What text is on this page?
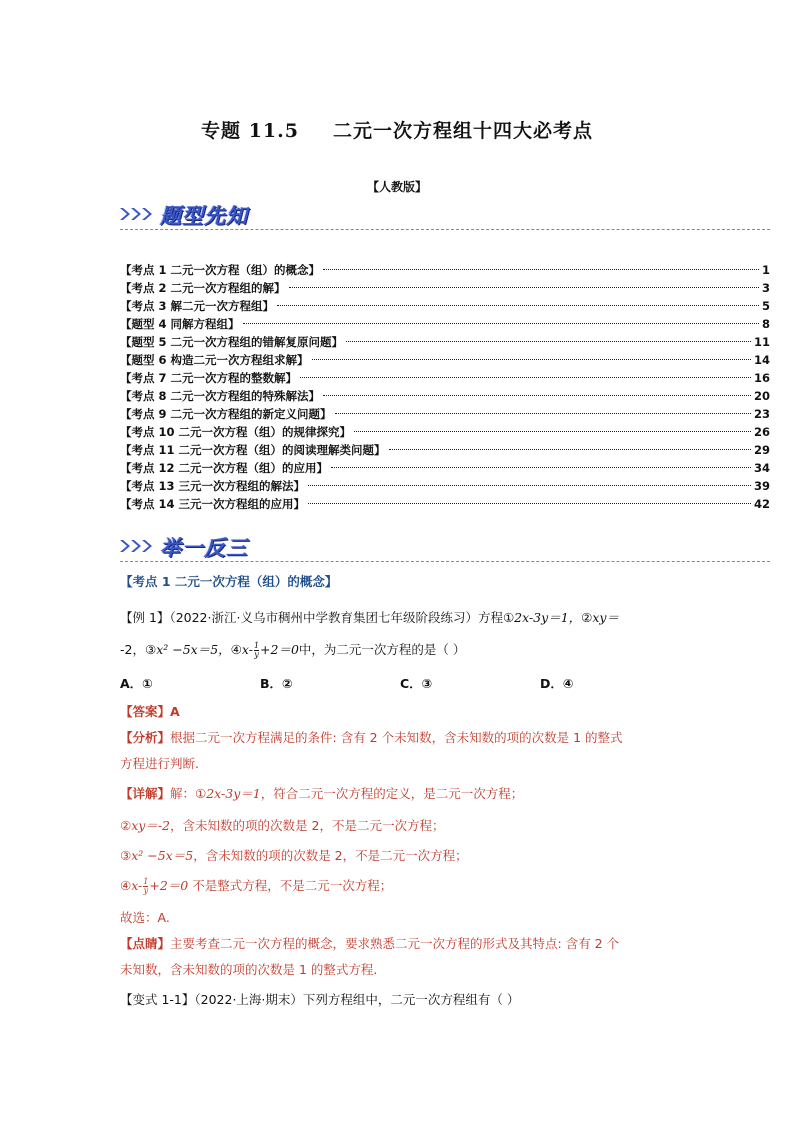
专题 11.5 二元一次方程组十四大必考点
【人教版】
题型先知
【考点 1 二元一次方程（组）的概念】	1
【考点 2 二元一次方程组的解】	3
【考点 3 解二元一次方程组】	5
【题型 4 同解方程组】	8
【题型 5 二元一次方程组的错解复原问题】	11
【题型 6 构造二元一次方程组求解】	14
【考点 7 二元一次方程的整数解】	16
【考点 8 二元一次方程组的特殊解法】	20
【考点 9 二元一次方程组的新定义问题】	23
【考点 10 二元一次方程（组）的规律探究】	26
【考点 11 二元一次方程（组）的阅读理解类问题】	29
【考点 12 二元一次方程（组）的应用】	34
【考点 13 三元一次方程组的解法】	39
【考点 14 三元一次方程组的应用】	42
举一反三
【考点 1 二元一次方程（组）的概念】
【例 1】（2022·浙江·义乌市稠州中学教育集团七年级阶段练习）方程①2x-3y＝1，②xy＝
-2，③x² −5x＝5，④x- $\frac{1}{y} +2=0$中，为二元一次方程的是（ ）
A．①	B．②	C．③	D．④
【答案】A
【分析】根据二元一次方程满足的条件: 含有 2 个未知数，含未知数的项的次数是 1 的整式
方程进行判断.
【详解】解：①2x-3y＝1，符合二元一次方程的定义，是二元一次方程；
②xy＝-2，含未知数的项的次数是 2，不是二元一次方程；
③x² −5x＝5，含未知数的项的次数是 2，不是二元一次方程；
④x- $\frac{1}{y} +2=0$ 不是整式方程，不是二元一次方程；
故选：A.
【点睛】主要考查二元一次方程的概念，要求熟悉二元一次方程的形式及其特点: 含有 2 个
未知数，含未知数的项的次数是 1 的整式方程.
【变式 1-1】（2022·上海·期末）下列方程组中，二元一次方程组有（ ）
